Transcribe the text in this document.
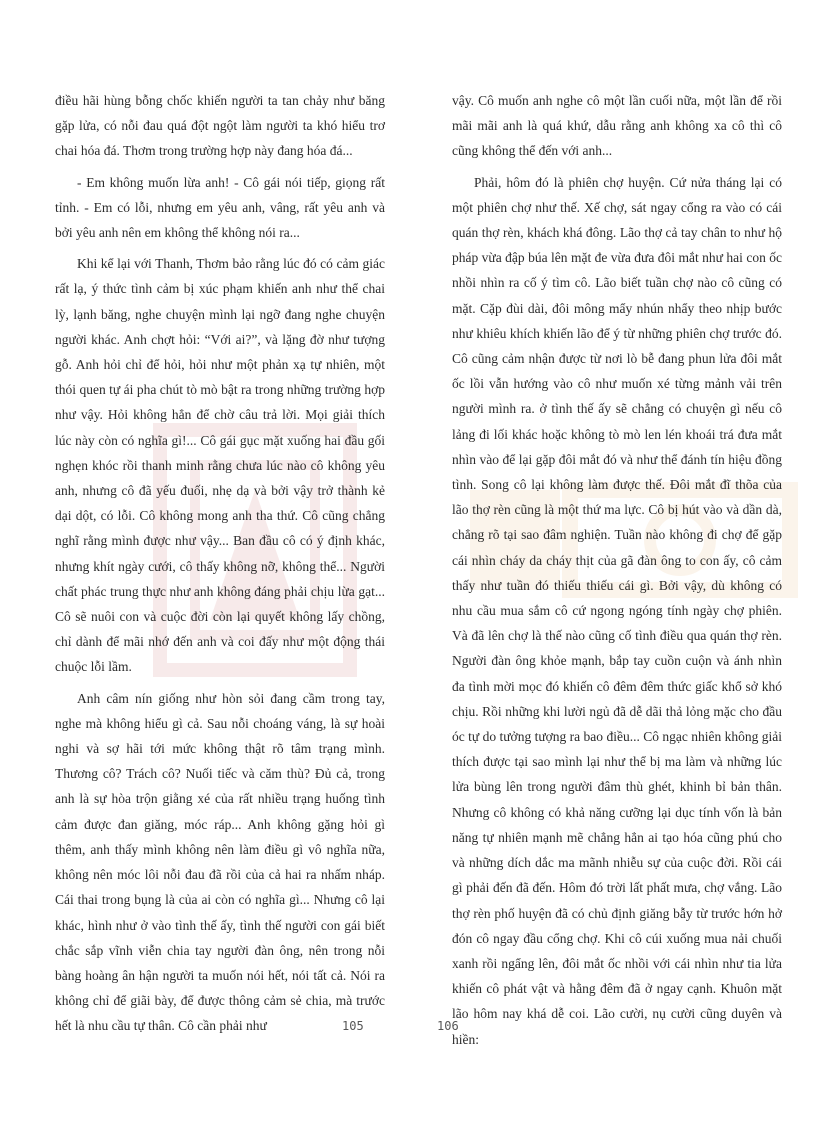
điều hãi hùng bỗng chốc khiến người ta tan chảy như băng gặp lửa, có nỗi đau quá đột ngột làm người ta khó hiểu trơ chai hóa đá. Thơm trong trường hợp này đang hóa đá...

- Em không muốn lừa anh! - Cô gái nói tiếp, giọng rất tỉnh. - Em có lỗi, nhưng em yêu anh, vâng, rất yêu anh và bởi yêu anh nên em không thể không nói ra...

Khi kể lại với Thanh, Thơm bảo rằng lúc đó có cảm giác rất lạ, ý thức tình cảm bị xúc phạm khiến anh như thể chai lỳ, lạnh băng, nghe chuyện mình lại ngỡ đang nghe chuyện người khác. Anh chợt hỏi: “Với ai?”, và lặng đờ như tượng gỗ. Anh hỏi chỉ để hỏi, hỏi như một phản xạ tự nhiên, một thói quen tự ái pha chút tò mò bật ra trong những trường hợp như vậy. Hỏi không hẳn để chờ câu trả lời. Mọi giải thích lúc này còn có nghĩa gì!... Cô gái gục mặt xuống hai đầu gối nghẹn khóc rồi thanh minh rằng chưa lúc nào cô không yêu anh, nhưng cô đã yếu đuối, nhẹ dạ và bởi vậy trở thành kẻ dại dột, có lỗi. Cô không mong anh tha thứ. Cô cũng chẳng nghĩ rằng mình được như vậy... Ban đầu cô có ý định khác, nhưng khít ngày cưới, cô thấy không nỡ, không thể... Người chất phác trung thực như anh không đáng phải chịu lừa gạt... Cô sẽ nuôi con và cuộc đời còn lại quyết không lấy chồng, chỉ dành để mãi nhớ đến anh và coi đấy như một động thái chuộc lỗi lầm.

Anh câm nín giống như hòn sỏi đang cầm trong tay, nghe mà không hiểu gì cả. Sau nỗi choáng váng, là sự hoài nghi và sợ hãi tới mức không thật rõ tâm trạng mình. Thương cô? Trách cô? Nuối tiếc và căm thù? Đủ cả, trong anh là sự hòa trộn giằng xé của rất nhiều trạng huống tình cảm được đan giăng, móc ráp... Anh không gặng hỏi gì thêm, anh thấy mình không nên làm điều gì vô nghĩa nữa, không nên móc lôi nỗi đau đã rồi của cả hai ra nhấm nháp. Cái thai trong bụng là của ai còn có nghĩa gì... Nhưng cô lại khác, hình như ở vào tình thế ấy, tình thế người con gái biết chắc sắp vĩnh viễn chia tay người đàn ông, nên trong nỗi bàng hoàng ân hận người ta muốn nói hết, nói tất cả. Nói ra không chỉ để giãi bày, để được thông cảm sẻ chia, mà trước hết là nhu cầu tự thân. Cô cần phải như

vậy. Cô muốn anh nghe cô một lần cuối nữa, một lần để rồi mãi mãi anh là quá khứ, dẫu rằng anh không xa cô thì cô cũng không thể đến với anh...

Phải, hôm đó là phiên chợ huyện. Cứ nửa tháng lại có một phiên chợ như thế. Xế chợ, sát ngay cổng ra vào có cái quán thợ rèn, khách khá đông. Lão thợ cả tay chân to như hộ pháp vừa đập búa lên mặt đe vừa đưa đôi mắt như hai con ốc nhồi nhìn ra cố ý tìm cô. Lão biết tuần chợ nào cô cũng có mặt. Cặp đùi dài, đôi mông mẩy nhún nhẩy theo nhịp bước như khiêu khích khiến lão để ý từ những phiên chợ trước đó. Cô cũng cảm nhận được từ nơi lò bễ đang phun lửa đôi mắt ốc lồi vẫn hướng vào cô như muốn xé từng mảnh vải trên người mình ra. ở tình thế ấy sẽ chẳng có chuyện gì nếu cô lảng đi lối khác hoặc không tò mò len lén khoái trá đưa mắt nhìn vào để lại gặp đôi mắt đó và như thể đánh tín hiệu đồng tình. Song cô lại không làm được thế. Đôi mắt đĩ thõa của lão thợ rèn cũng là một thứ ma lực. Cô bị hút vào và dần dà, chẳng rõ tại sao đâm nghiện. Tuần nào không đi chợ để gặp cái nhìn cháy da cháy thịt của gã đàn ông to con ấy, cô cảm thấy như tuần đó thiếu thiếu cái gì. Bởi vậy, dù không có nhu cầu mua sắm cô cứ ngong ngóng tính ngày chợ phiên. Và đã lên chợ là thế nào cũng cố tình điều qua quán thợ rèn. Người đàn ông khỏe mạnh, bắp tay cuồn cuộn và ánh nhìn đa tình mời mọc đó khiến cô đêm đêm thức giấc khổ sở khó chịu. Rồi những khi lười ngủ đã dễ dãi thả lỏng mặc cho đầu óc tự do tưởng tượng ra bao điều... Cô ngạc nhiên không giải thích được tại sao mình lại như thể bị ma làm và những lúc lửa bùng lên trong người đâm thù ghét, khinh bỉ bản thân. Nhưng cô không có khả năng cưỡng lại dục tính vốn là bản năng tự nhiên mạnh mẽ chẳng hẳn ai tạo hóa cũng phú cho và những dích dắc ma mãnh nhiễu sự của cuộc đời. Rồi cái gì phải đến đã đến. Hôm đó trời lất phất mưa, chợ vắng. Lão thợ rèn phố huyện đã có chủ định giăng bẫy từ trước hớn hở đón cô ngay đầu cổng chợ. Khi cô cúi xuống mua nải chuối xanh rồi ngẩng lên, đôi mắt ốc nhồi với cái nhìn như tia lửa khiến cô phát vật và hằng đêm đã ở ngay cạnh. Khuôn mặt lão hôm nay khá dễ coi. Lão cười, nụ cười cũng duyên và hiền:

105	106
